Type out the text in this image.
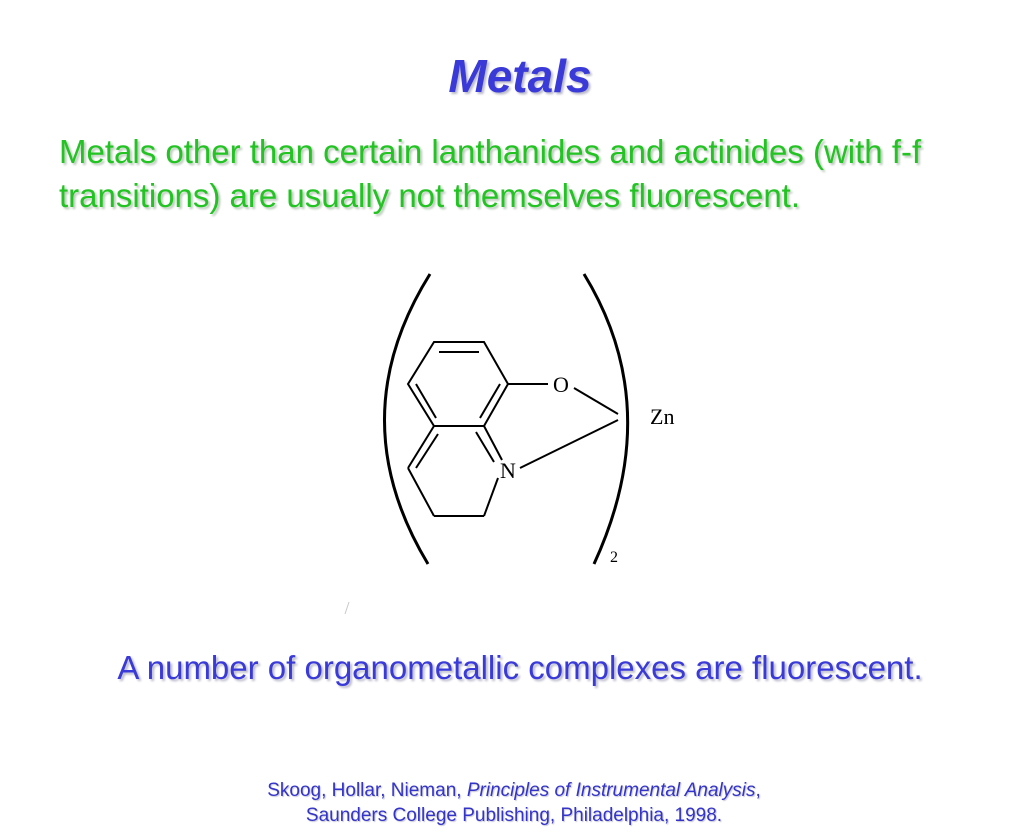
Metals

Metals other than certain lanthanides and actinides (with f-f transitions) are usually not themselves fluorescent.

O
N
Zn
2

A number of organometallic complexes are fluorescent.

Skoog, Hollar, Nieman, Principles of Instrumental Analysis,
Saunders College Publishing, Philadelphia, 1998.
